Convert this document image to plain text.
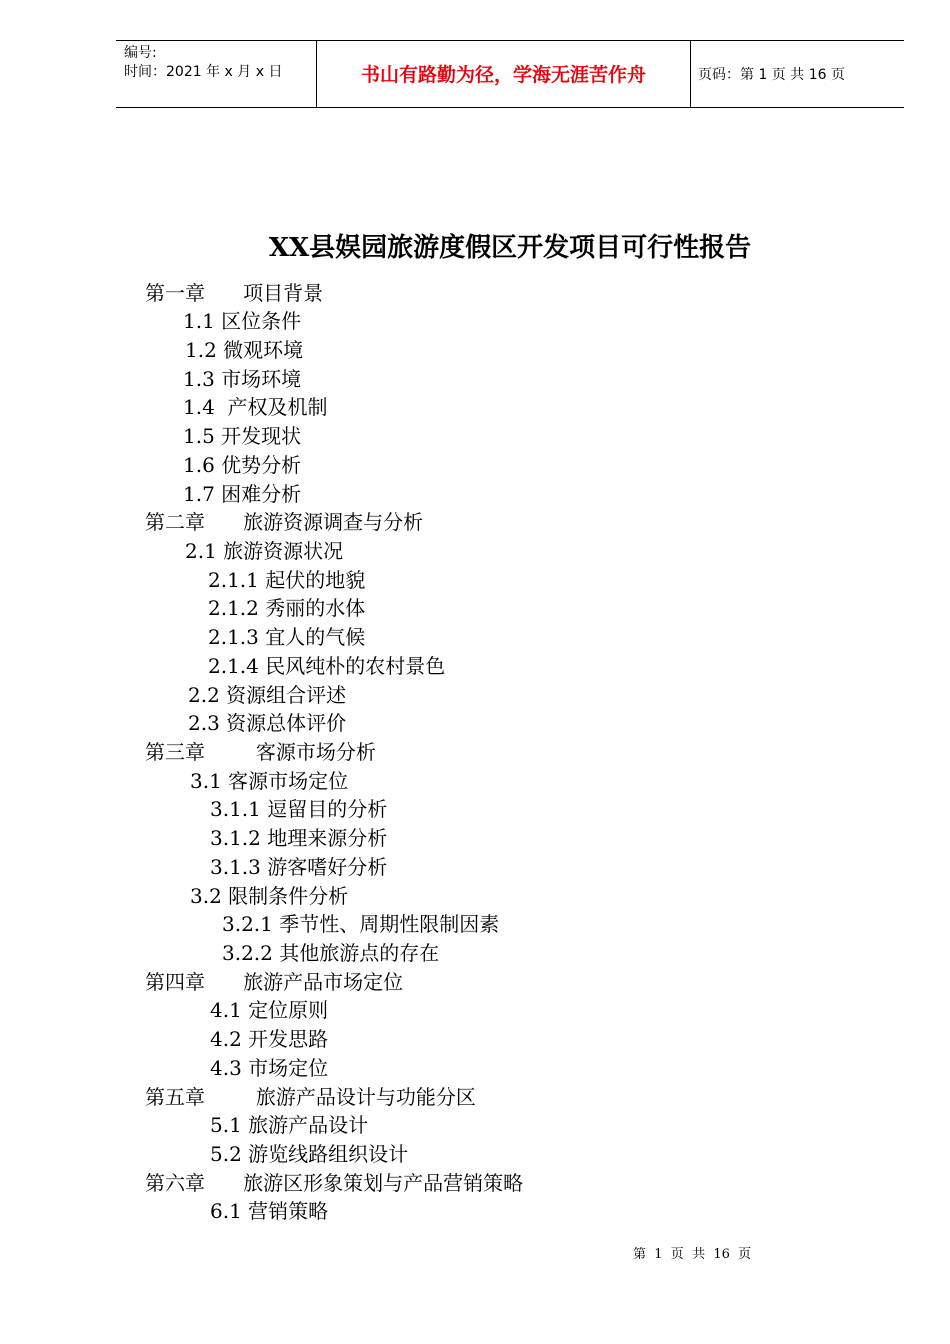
编号:
时间：2021 年 x 月 x 日	书山有路勤为径，学海无涯苦作舟	页码：第 1 页 共 16 页
XX县娱园旅游度假区开发项目可行性报告
第一章      项目背景
1.1 区位条件
1.2 微观环境
1.3 市场环境
1.4  产权及机制
1.5 开发现状
1.6 优势分析
1.7 困难分析
第二章      旅游资源调查与分析
2.1 旅游资源状况
2.1.1 起伏的地貌
2.1.2 秀丽的水体
2.1.3 宜人的气候
2.1.4 民风纯朴的农村景色
2.2 资源组合评述
2.3 资源总体评价
第三章        客源市场分析
3.1 客源市场定位
3.1.1 逗留目的分析
3.1.2 地理来源分析
3.1.3 游客嗜好分析
3.2 限制条件分析
3.2.1 季节性、周期性限制因素
3.2.2 其他旅游点的存在
第四章      旅游产品市场定位
4.1 定位原则
4.2 开发思路
4.3 市场定位
第五章        旅游产品设计与功能分区
5.1 旅游产品设计
5.2 游览线路组织设计
第六章      旅游区形象策划与产品营销策略
6.1 营销策略
第  1  页  共  16  页
